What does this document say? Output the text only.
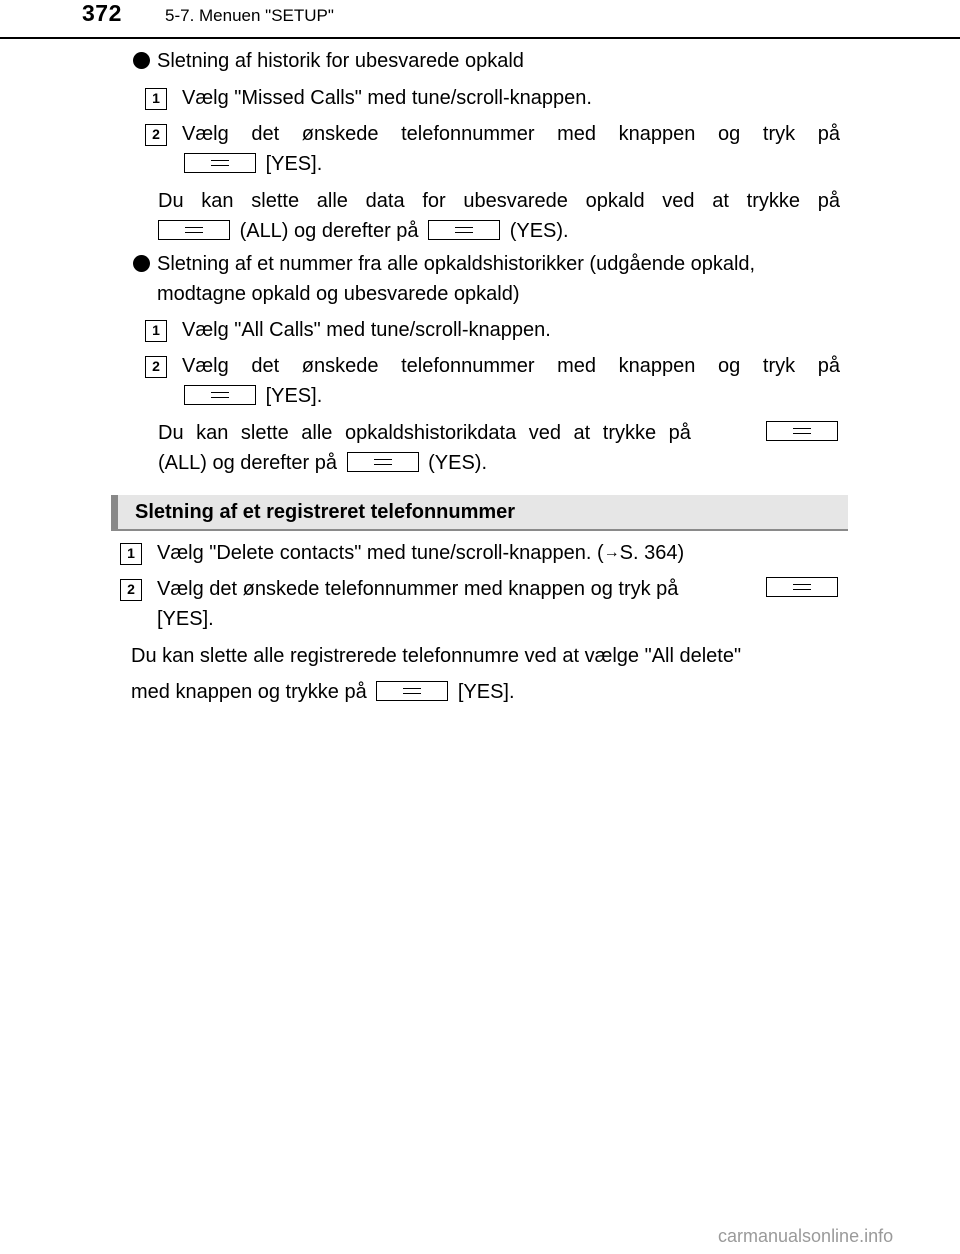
372	5-7. Menuen "SETUP"
Sletning af historik for ubesvarede opkald
1	Vælg "Missed Calls" med tune/scroll-knappen.
2	Vælg det ønskede telefonnummer med knappen og tryk på
[YES].
Du kan slette alle data for ubesvarede opkald ved at trykke på
(ALL) og derefter på	(YES).
Sletning af et nummer fra alle opkaldshistorikker (udgående opkald,
modtagne opkald og ubesvarede opkald)
1	Vælg "All Calls" med tune/scroll-knappen.
2	Vælg det ønskede telefonnummer med knappen og tryk på
[YES].
Du kan slette alle opkaldshistorikdata ved at trykke på
(ALL) og derefter på	(YES).
Sletning af et registreret telefonnummer
1	Vælg "Delete contacts" med tune/scroll-knappen. (→S. 364)
2	Vælg det ønskede telefonnummer med knappen og tryk på
[YES].
Du kan slette alle registrerede telefonnumre ved at vælge "All delete"
med knappen og trykke på	[YES].
carmanualsonline.info
